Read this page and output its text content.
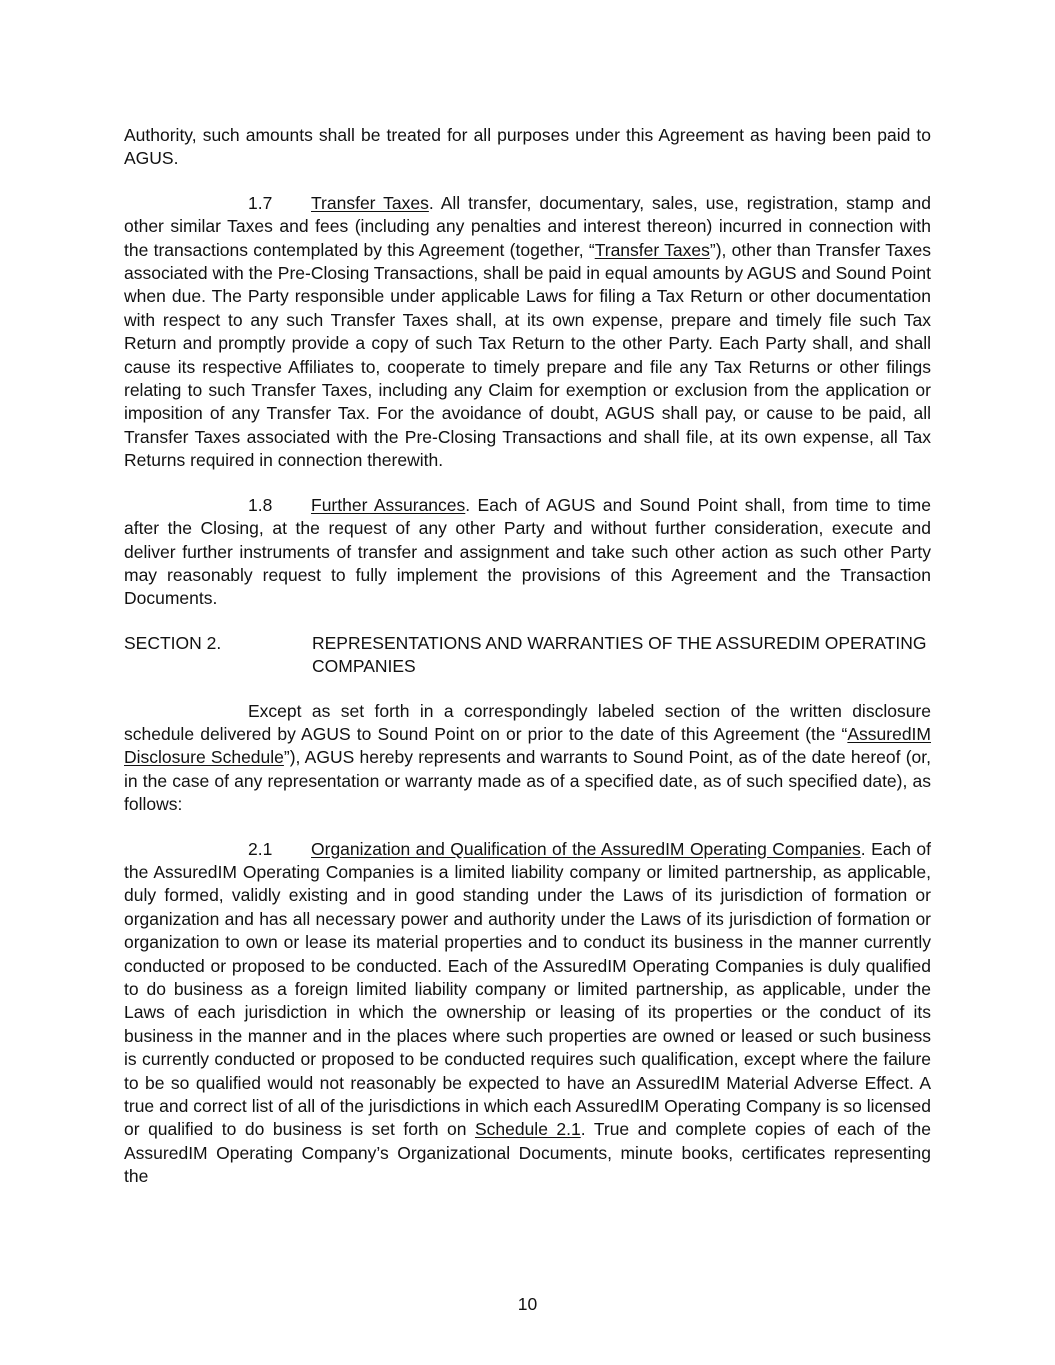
Authority, such amounts shall be treated for all purposes under this Agreement as having been paid to AGUS.

1.7 Transfer Taxes. All transfer, documentary, sales, use, registration, stamp and other similar Taxes and fees (including any penalties and interest thereon) incurred in connection with the transactions contemplated by this Agreement (together, “Transfer Taxes”), other than Transfer Taxes associated with the Pre-Closing Transactions, shall be paid in equal amounts by AGUS and Sound Point when due. The Party responsible under applicable Laws for filing a Tax Return or other documentation with respect to any such Transfer Taxes shall, at its own expense, prepare and timely file such Tax Return and promptly provide a copy of such Tax Return to the other Party. Each Party shall, and shall cause its respective Affiliates to, cooperate to timely prepare and file any Tax Returns or other filings relating to such Transfer Taxes, including any Claim for exemption or exclusion from the application or imposition of any Transfer Tax. For the avoidance of doubt, AGUS shall pay, or cause to be paid, all Transfer Taxes associated with the Pre-Closing Transactions and shall file, at its own expense, all Tax Returns required in connection therewith.

1.8 Further Assurances. Each of AGUS and Sound Point shall, from time to time after the Closing, at the request of any other Party and without further consideration, execute and deliver further instruments of transfer and assignment and take such other action as such other Party may reasonably request to fully implement the provisions of this Agreement and the Transaction Documents.

SECTION 2.	REPRESENTATIONS AND WARRANTIES OF THE ASSUREDIM OPERATING COMPANIES

Except as set forth in a correspondingly labeled section of the written disclosure schedule delivered by AGUS to Sound Point on or prior to the date of this Agreement (the “AssuredIM Disclosure Schedule”), AGUS hereby represents and warrants to Sound Point, as of the date hereof (or, in the case of any representation or warranty made as of a specified date, as of such specified date), as follows:

2.1 Organization and Qualification of the AssuredIM Operating Companies. Each of the AssuredIM Operating Companies is a limited liability company or limited partnership, as applicable, duly formed, validly existing and in good standing under the Laws of its jurisdiction of formation or organization and has all necessary power and authority under the Laws of its jurisdiction of formation or organization to own or lease its material properties and to conduct its business in the manner currently conducted or proposed to be conducted. Each of the AssuredIM Operating Companies is duly qualified to do business as a foreign limited liability company or limited partnership, as applicable, under the Laws of each jurisdiction in which the ownership or leasing of its properties or the conduct of its business in the manner and in the places where such properties are owned or leased or such business is currently conducted or proposed to be conducted requires such qualification, except where the failure to be so qualified would not reasonably be expected to have an AssuredIM Material Adverse Effect. A true and correct list of all of the jurisdictions in which each AssuredIM Operating Company is so licensed or qualified to do business is set forth on Schedule 2.1. True and complete copies of each of the AssuredIM Operating Company’s Organizational Documents, minute books, certificates representing the

10
